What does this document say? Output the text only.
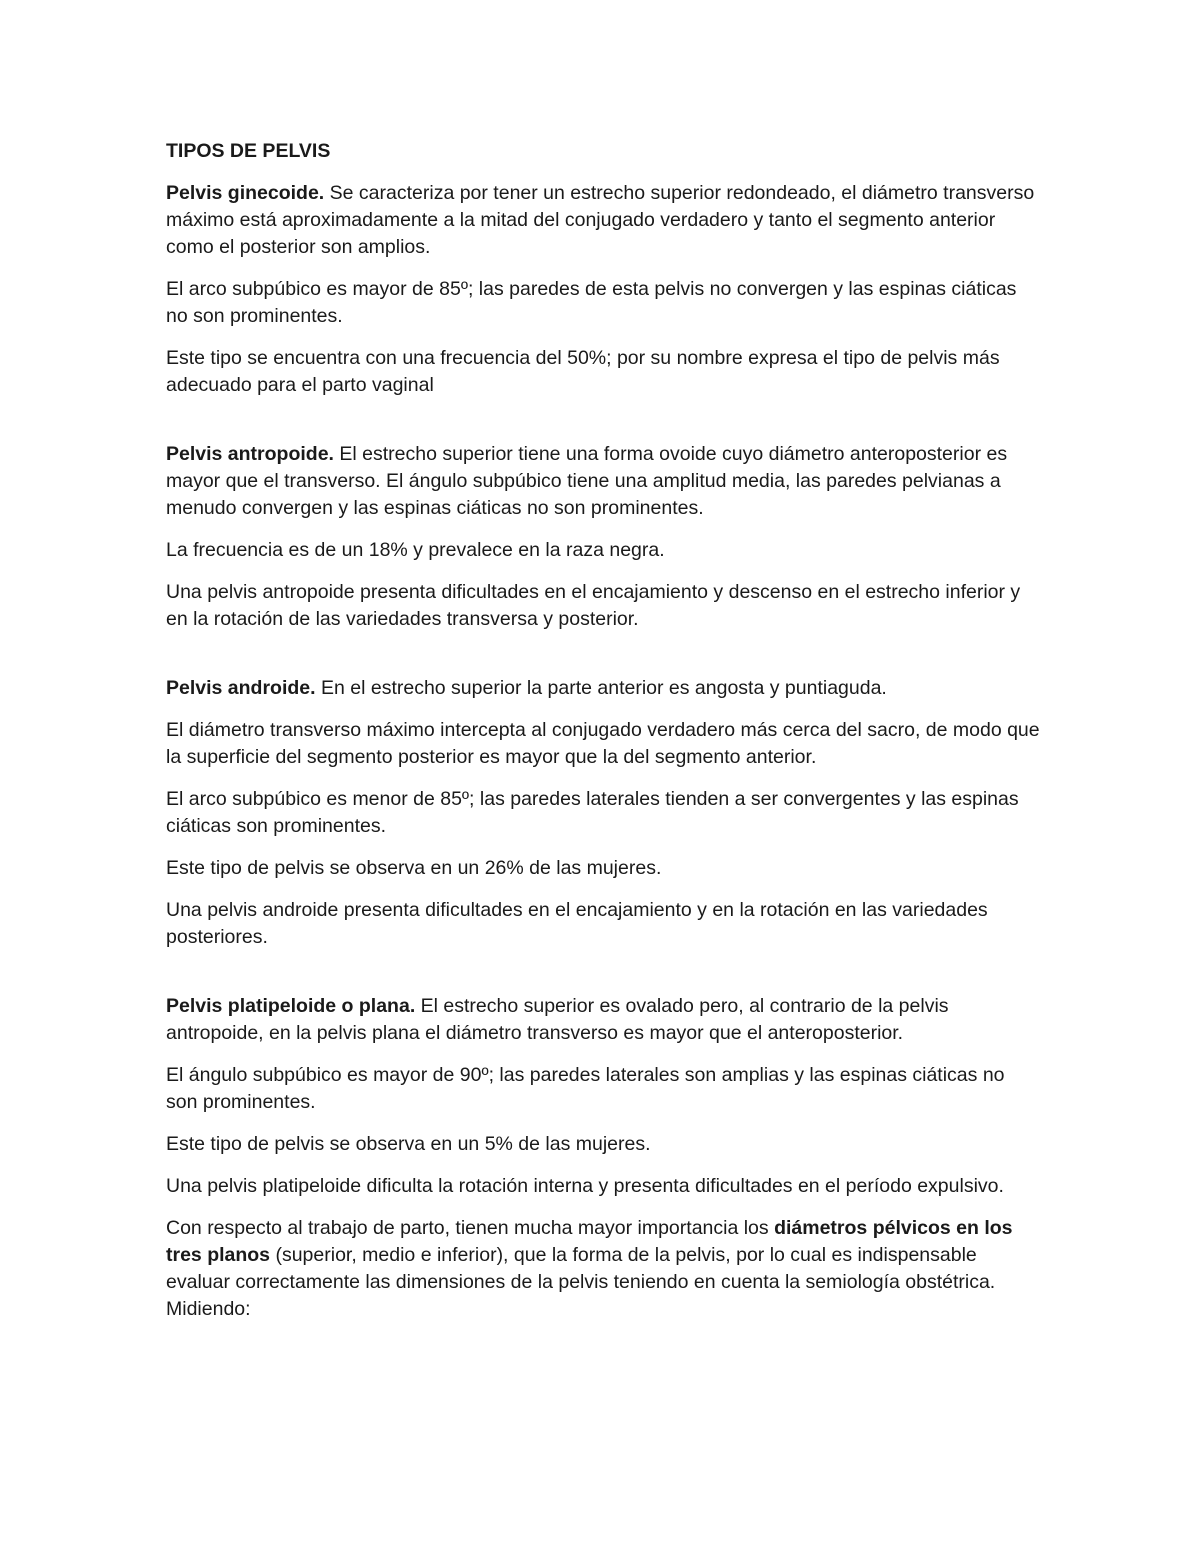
TIPOS DE PELVIS

Pelvis ginecoide. Se caracteriza por tener un estrecho superior redondeado, el diámetro transverso máximo está aproximadamente a la mitad del conjugado verdadero y tanto el segmento anterior como el posterior son amplios.

El arco subpúbico es mayor de 85º; las paredes de esta pelvis no convergen y las espinas ciáticas no son prominentes.

Este tipo se encuentra con una frecuencia del 50%; por su nombre expresa el tipo de pelvis más adecuado para el parto vaginal

Pelvis antropoide. El estrecho superior tiene una forma ovoide cuyo diámetro anteroposterior es mayor que el transverso. El ángulo subpúbico tiene una amplitud media, las paredes pelvianas a menudo convergen y las espinas ciáticas no son prominentes.

La frecuencia es de un 18% y prevalece en la raza negra.

Una pelvis antropoide presenta dificultades en el encajamiento y descenso en el estrecho inferior y en la rotación de las variedades transversa y posterior.

Pelvis androide. En el estrecho superior la parte anterior es angosta y puntiaguda.

El diámetro transverso máximo intercepta al conjugado verdadero más cerca del sacro, de modo que la superficie del segmento posterior es mayor que la del segmento anterior.

El arco subpúbico es menor de 85º; las paredes laterales tienden a ser convergentes y las espinas ciáticas son prominentes.

Este tipo de pelvis se observa en un 26% de las mujeres.

Una pelvis androide presenta dificultades en el encajamiento y en la rotación en las variedades posteriores.

Pelvis platipeloide o plana. El estrecho superior es ovalado pero, al contrario de la pelvis antropoide, en la pelvis plana el diámetro transverso es mayor que el anteroposterior.

El ángulo subpúbico es mayor de 90º; las paredes laterales son amplias y las espinas ciáticas no son prominentes.

Este tipo de pelvis se observa en un 5% de las mujeres.

Una pelvis platipeloide dificulta la rotación interna y presenta dificultades en el período expulsivo.

Con respecto al trabajo de parto, tienen mucha mayor importancia los diámetros pélvicos en los tres planos (superior, medio e inferior), que la forma de la pelvis, por lo cual es indispensable evaluar correctamente las dimensiones de la pelvis teniendo en cuenta la semiología obstétrica. Midiendo:
